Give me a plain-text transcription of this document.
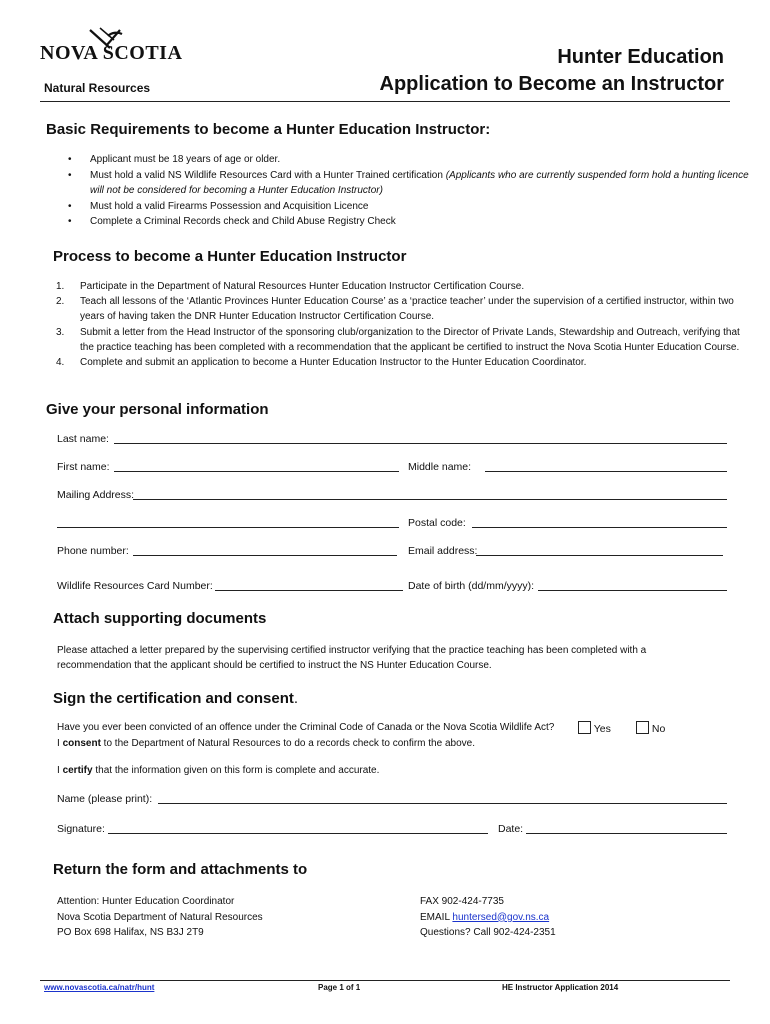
NOVA SCOTIA
Natural Resources
Hunter Education
Application to Become an Instructor
Basic Requirements to become a Hunter Education Instructor:
• Applicant must be 18 years of age or older.
• Must hold a valid NS Wildlife Resources Card with a Hunter Trained certification (Applicants who are currently suspended form hold a hunting licence will not be considered for becoming a Hunter Education Instructor)
• Must hold a valid Firearms Possession and Acquisition Licence
• Complete a Criminal Records check and Child Abuse Registry Check
Process to become a Hunter Education Instructor
1. Participate in the Department of Natural Resources Hunter Education Instructor Certification Course.
2. Teach all lessons of the ‘Atlantic Provinces Hunter Education Course’ as a ‘practice teacher’ under the supervision of a certified instructor, within two years of having taken the DNR Hunter Education Instructor Certification Course.
3. Submit a letter from the Head Instructor of the sponsoring club/organization to the Director of Private Lands, Stewardship and Outreach, verifying that the practice teaching has been completed with a recommendation that the applicant be certified to instruct the Nova Scotia Hunter Education Course.
4. Complete and submit an application to become a Hunter Education Instructor to the Hunter Education Coordinator.
Give your personal information
Last name:
First name:	Middle name:
Mailing Address:
Postal code:
Phone number:	Email address:
Wildlife Resources Card Number:	Date of birth (dd/mm/yyyy):
Attach supporting documents
Please attached a letter prepared by the supervising certified instructor verifying that the practice teaching has been completed with a recommendation that the applicant should be certified to instruct the NS Hunter Education Course.
Sign the certification and consent.
Have you ever been convicted of an offence under the Criminal Code of Canada or the Nova Scotia Wildlife Act?	Yes	No
I consent to the Department of Natural Resources to do a records check to confirm the above.
I certify that the information given on this form is complete and accurate.
Name (please print):
Signature:	Date:
Return the form and attachments to
Attention: Hunter Education Coordinator
Nova Scotia Department of Natural Resources
PO Box 698 Halifax, NS B3J 2T9
FAX 902-424-7735
EMAIL huntersed@gov.ns.ca
Questions? Call 902-424-2351
www.novascotia.ca/natr/hunt	Page 1 of 1	HE Instructor Application 2014
